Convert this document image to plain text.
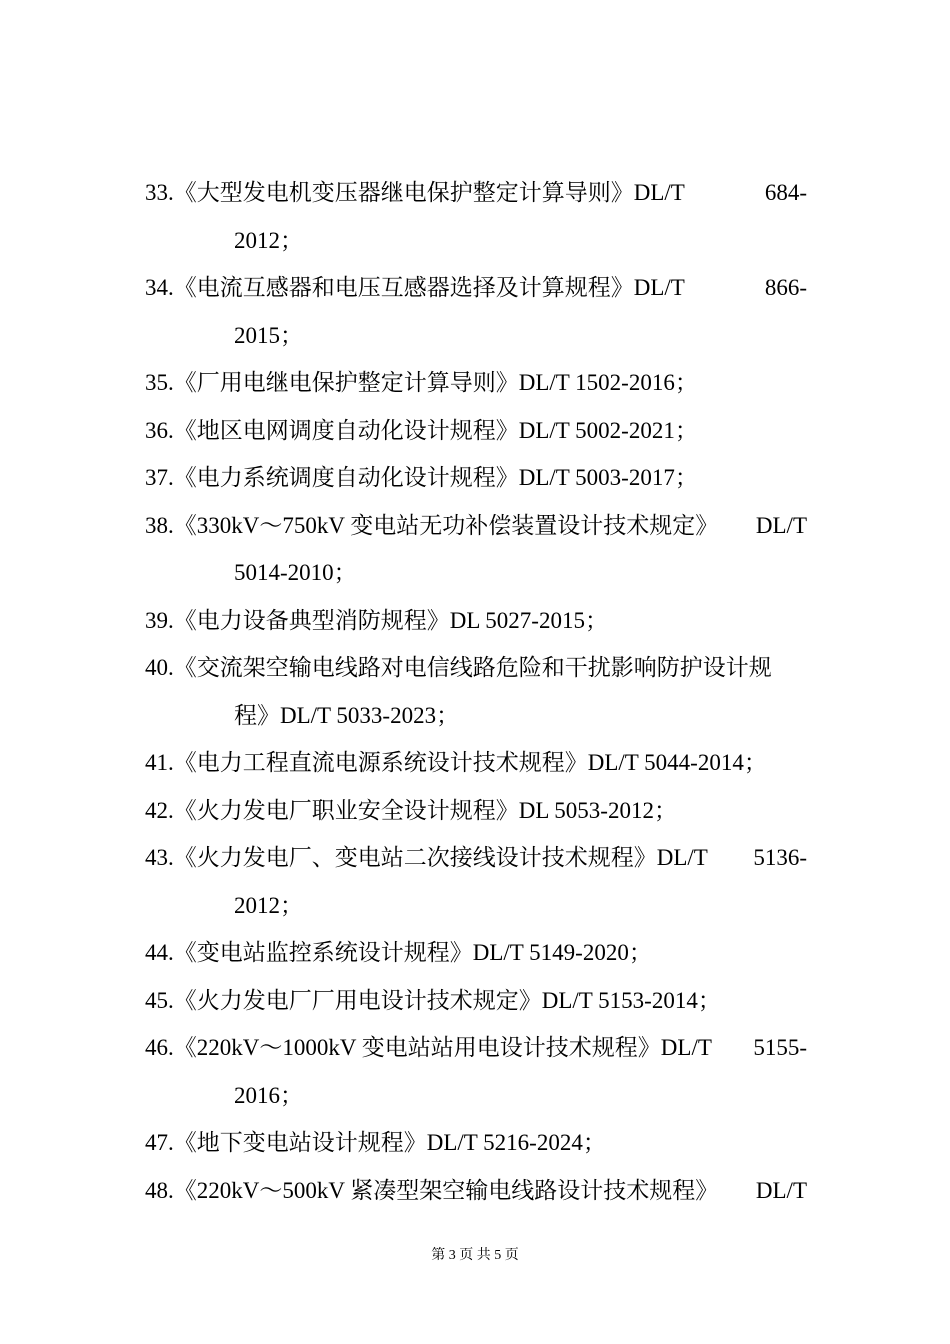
33.《大型发电机变压器继电保护整定计算导则》DL/T	684-
2012；
34.《电流互感器和电压互感器选择及计算规程》DL/T	866-
2015；
35.《厂用电继电保护整定计算导则》DL/T 1502-2016；
36.《地区电网调度自动化设计规程》DL/T 5002-2021；
37.《电力系统调度自动化设计规程》DL/T 5003-2017；
38.《330kV～750kV 变电站无功补偿装置设计技术规定》 DL/T
5014-2010；
39.《电力设备典型消防规程》DL 5027-2015；
40.《交流架空输电线路对电信线路危险和干扰影响防护设计规
程》DL/T 5033-2023；
41.《电力工程直流电源系统设计技术规程》DL/T 5044-2014；
42.《火力发电厂职业安全设计规程》DL 5053-2012；
43.《火力发电厂、变电站二次接线设计技术规程》DL/T 5136-
2012；
44.《变电站监控系统设计规程》DL/T 5149-2020；
45.《火力发电厂厂用电设计技术规定》DL/T 5153-2014；
46.《220kV～1000kV 变电站站用电设计技术规程》DL/T 5155-
2016；
47.《地下变电站设计规程》DL/T 5216-2024；
48.《220kV～500kV 紧凑型架空输电线路设计技术规程》 DL/T
第 3 页 共 5 页
